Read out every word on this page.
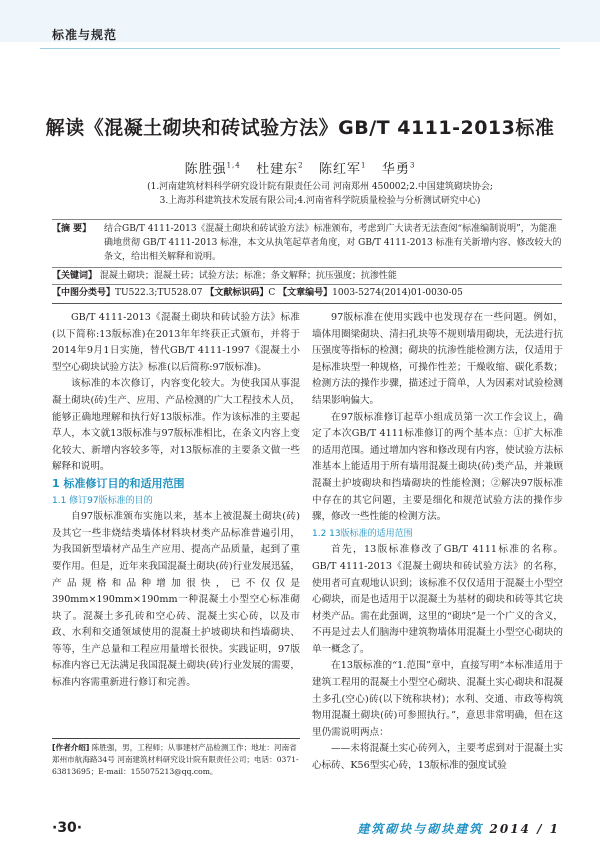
标准与规范
解读《混凝土砌块和砖试验方法》GB/T 4111-2013标准
陈胜强$^{1,4}$ 杜建东$^2$ 陈红军$^1$ 华勇$^3$
(1.河南建筑材料科学研究设计院有限责任公司 河南郑州 450002;2.中国建筑砌块协会;
3.上海苏科建筑技术发展有限公司;4.河南省科学院质量检验与分析测试研究中心)
【摘 要】	结合GB/T 4111-2013《混凝土砌块和砖试验方法》标准颁布，考虑到广大读者无法查阅“标准编制说明”，为能准确地贯彻 GB/T 4111-2013 标准，本文从执笔起草者角度，对 GB/T 4111-2013 标准有关新增内容、修改较大的条文，给出相关解释和说明。
【关键词】 混凝土砌块；混凝土砖；试验方法；标准；条文解释；抗压强度；抗渗性能
【中图分类号】TU522.3;TU528.07 【文献标识码】C 【文章编号】1003-5274(2014)01-0030-05

GB/T 4111-2013《混凝土砌块和砖试验方法》标准(以下简称:13版标准)在2013年年终获正式颁布，并将于2014年9月1日实施，替代GB/T 4111-1997《混凝土小型空心砌块试验方法》标准(以后简称:97版标准)。

该标准的本次修订，内容变化较大。为使我国从事混凝土砌块(砖)生产、应用、产品检测的广大工程技术人员，能够正确地理解和执行好13版标准。作为该标准的主要起草人，本文就13版标准与97版标准相比，在条文内容上变化较大、新增内容较多等，对13版标准的主要条文做一些解释和说明。

1 标准修订目的和适用范围

1.1 修订97版标准的目的

自97版标准颁布实施以来，基本上被混凝土砌块(砖)及其它一些非烧结类墙体材料块材类产品标准普遍引用，为我国新型墙材产品生产应用、提高产品质量，起到了重要作用。但是，近年来我国混凝土砌块(砖)行业发展迅猛，产品规格和品种增加很快，已不仅仅是390mm×190mm×190mm一种混凝土小型空心标准砌块了。混凝土多孔砖和空心砖、混凝土实心砖，以及市政、水利和交通领域使用的混凝土护坡砌块和挡墙砌块、等等，生产总量和工程应用量增长很快。实践证明，97版标准内容已无法满足我国混凝土砌块(砖)行业发展的需要，标准内容需重新进行修订和完善。

97版标准在使用实践中也发现存在一些问题。例如，墙体用圈梁砌块、清扫孔块等不规则墙用砌块，无法进行抗压强度等指标的检测；砌块的抗渗性能检测方法，仅适用于是标准块型一种规格，可操作性差；干燥收缩、碳化系数；检测方法的操作步骤，描述过于简单，人为因素对试验检测结果影响偏大。

在97版标准修订起草小组成员第一次工作会议上，确定了本次GB/T 4111标准修订的两个基本点：①扩大标准的适用范围。通过增加内容和修改现有内容，使试验方法标准基本上能适用于所有墙用混凝土砌块(砖)类产品，并兼顾混凝土护坡砌块和挡墙砌块的性能检测；②解决97版标准中存在的其它问题，主要是细化和规范试验方法的操作步骤，修改一些性能的检测方法。

1.2 13版标准的适用范围

首先，13版标准修改了GB/T 4111标准的名称。GB/T 4111-2013《混凝土砌块和砖试验方法》的名称，使用者可直观地认识到；该标准不仅仅适用于混凝土小型空心砌块，而是也适用于以混凝土为基材的砌块和砖等其它块材类产品。需在此强调，这里的“砌块”是一个广义的含义，不再是过去人们脑海中建筑物墙体用混凝土小型空心砌块的单一概念了。

在13版标准的“1.范围”章中，直接写明“本标准适用于建筑工程用的混凝土小型空心砌块、混凝土实心砌块和混凝土多孔(空心)砖(以下统称块材)；水利、交通、市政等构筑物用混凝土砌块(砖)可参照执行。”，意思非常明确，但在这里仍需说明两点：

——未将混凝土实心砖列入，主要考虑到对于混凝土实心标砖、K56型实心砖，13版标准的强度试验

[作者介绍] 陈胜强，男，工程师；从事建材产品检测工作；地址：河南省郑州市航海路34号 河南建筑材料研究设计院有限责任公司；电话：0371-63813695；E-mail：155075213@qq.com。
·30·	建筑砌块与砌块建筑 2014 / 1
